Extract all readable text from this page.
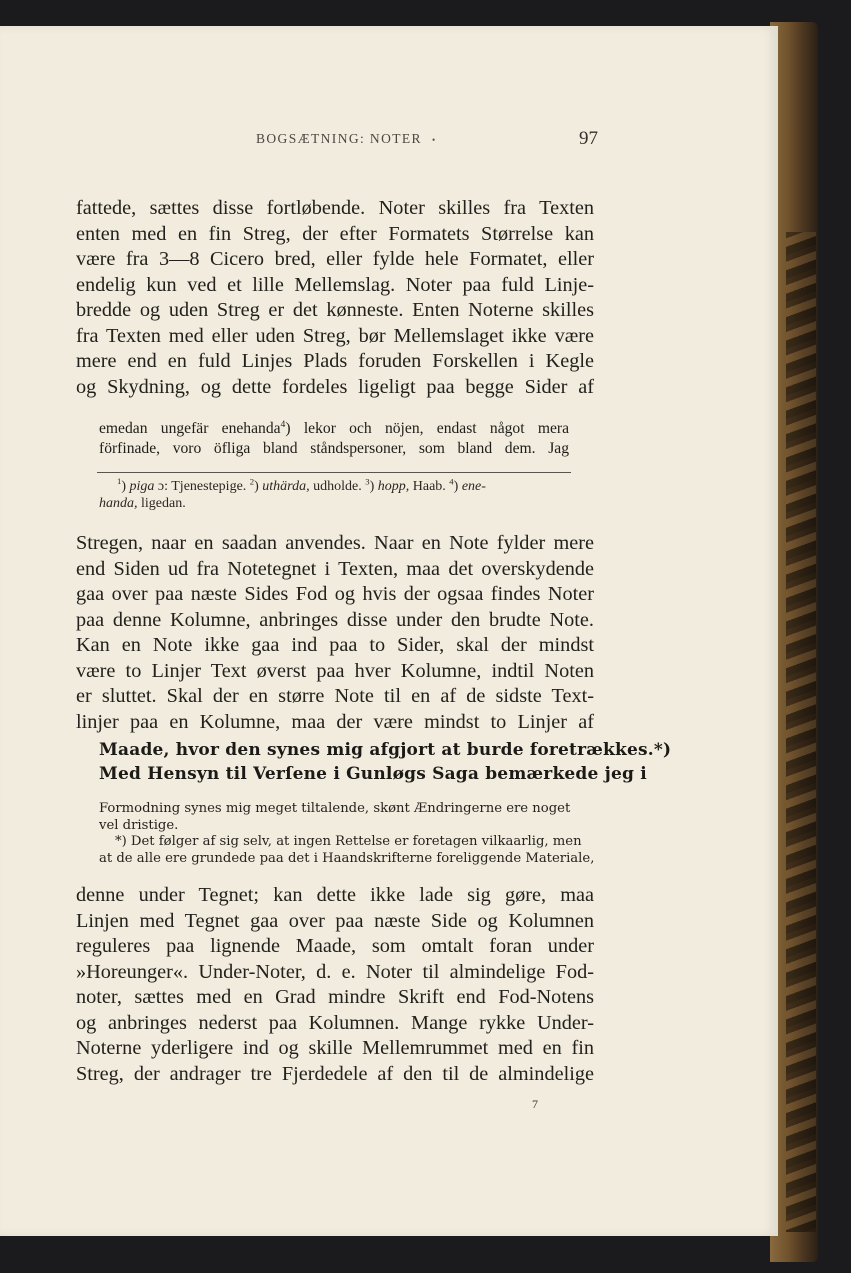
BOGSÆTNING: NOTER •	97
fattede, sættes disse fortløbende. Noter skilles fra Texten
enten med en fin Streg, der efter Formatets Størrelse kan
være fra 3—8 Cicero bred, eller fylde hele Formatet, eller
endelig kun ved et lille Mellemslag. Noter paa fuld Linje-
bredde og uden Streg er det kønneste. Enten Noterne skilles
fra Texten med eller uden Streg, bør Mellemslaget ikke være
mere end en fuld Linjes Plads foruden Forskellen i Kegle
og Skydning, og dette fordeles ligeligt paa begge Sider af
emedan ungefär enehanda$^4$) lekor och nöjen, endast något mera
förfinade, voro öfliga bland ståndspersoner, som bland dem. Jag
$^1$) piga ɔ: Tjenestepige. $^2$) uthärda, udholde. $^3$) hopp, Haab. $^4$) ene-
handa, ligedan.
Stregen, naar en saadan anvendes. Naar en Note fylder mere
end Siden ud fra Notetegnet i Texten, maa det overskydende
gaa over paa næste Sides Fod og hvis der ogsaa findes Noter
paa denne Kolumne, anbringes disse under den brudte Note.
Kan en Note ikke gaa ind paa to Sider, skal der mindst
være to Linjer Text øverst paa hver Kolumne, indtil Noten
er sluttet. Skal der en større Note til en af de sidste Text-
linjer paa en Kolumne, maa der være mindst to Linjer af
Maade, hvor den synes mig afgjort at burde foretrækkes.*)
Med Hensyn til Verſene i Gunløgs Saga bemærkede jeg i
Formodning synes mig meget tiltalende, skønt Ændringerne ere noget
vel dristige.
*) Det følger af sig selv, at ingen Rettelse er foretagen vilkaarlig, men
at de alle ere grundede paa det i Haandskrifterne foreliggende Materiale,
denne under Tegnet; kan dette ikke lade sig gøre, maa
Linjen med Tegnet gaa over paa næste Side og Kolumnen
reguleres paa lignende Maade, som omtalt foran under
»Horeunger«. Under-Noter, d. e. Noter til almindelige Fod-
noter, sættes med en Grad mindre Skrift end Fod-Notens
og anbringes nederst paa Kolumnen. Mange rykke Under-
Noterne yderligere ind og skille Mellemrummet med en fin
Streg, der andrager tre Fjerdedele af den til de almindelige
7
